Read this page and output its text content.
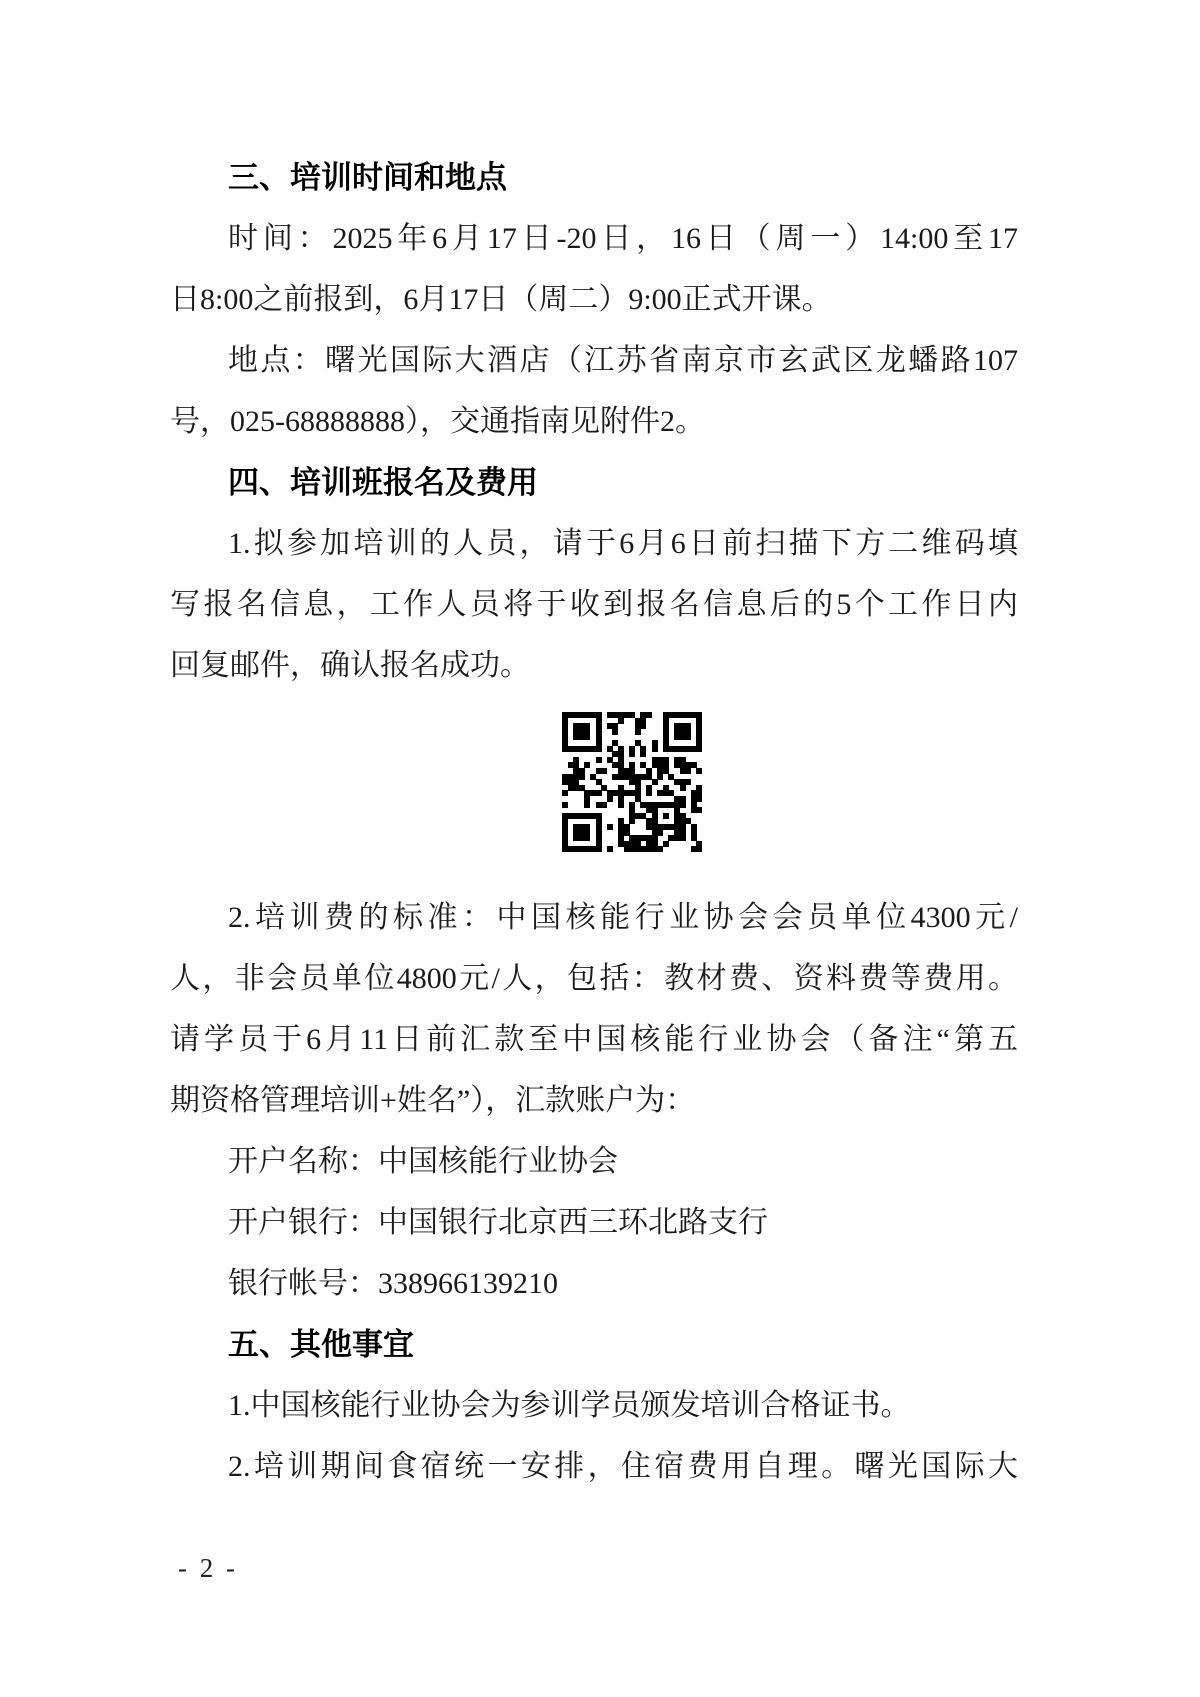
三、培训时间和地点
时间：2025年6月17日-20日，16日（周一）14:00至17
日8:00之前报到，6月17日（周二）9:00正式开课。
地点：曙光国际大酒店（江苏省南京市玄武区龙蟠路107
号，025-68888888），交通指南见附件2。
四、培训班报名及费用
1.拟参加培训的人员，请于6月6日前扫描下方二维码填
写报名信息，工作人员将于收到报名信息后的5个工作日内
回复邮件，确认报名成功。
2.培训费的标准：中国核能行业协会会员单位4300元/
人，非会员单位4800元/人，包括：教材费、资料费等费用。
请学员于6月11日前汇款至中国核能行业协会（备注“第五
期资格管理培训+姓名”），汇款账户为：
开户名称：中国核能行业协会
开户银行：中国银行北京西三环北路支行
银行帐号：338966139210
五、其他事宜
1.中国核能行业协会为参训学员颁发培训合格证书。
2.培训期间食宿统一安排，住宿费用自理。曙光国际大
- 2 -
